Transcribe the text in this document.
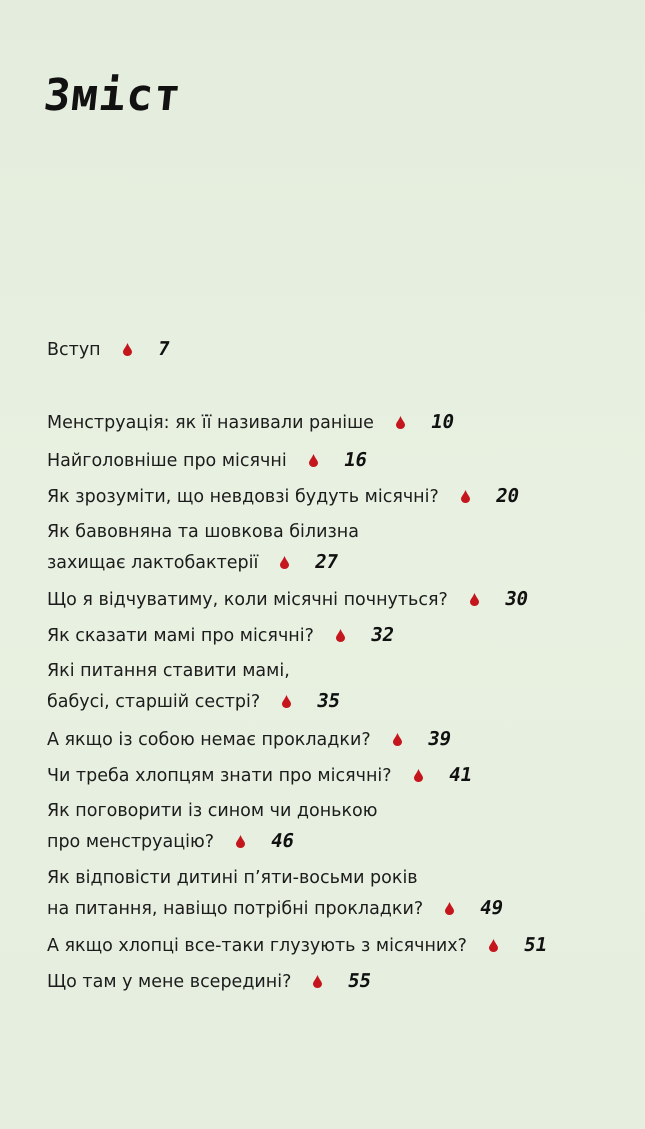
Зміст
Вступ	7
Менструація: як її називали раніше	10
Найголовніше про місячні	16
Як зрозуміти, що невдовзі будуть місячні?	20
Як бавовняна та шовкова білизна
захищає лактобактерії	27
Що я відчуватиму, коли місячні почнуться?	30
Як сказати мамі про місячні?	32
Які питання ставити мамі,
бабусі, старшій сестрі?	35
А якщо із собою немає прокладки?	39
Чи треба хлопцям знати про місячні?	41
Як поговорити із сином чи донькою
про менструацію?	46
Як відповісти дитині п’яти-восьми років
на питання, навіщо потрібні прокладки?	49
А якщо хлопці все-таки глузують з місячних?	51
Що там у мене всередині?	55
